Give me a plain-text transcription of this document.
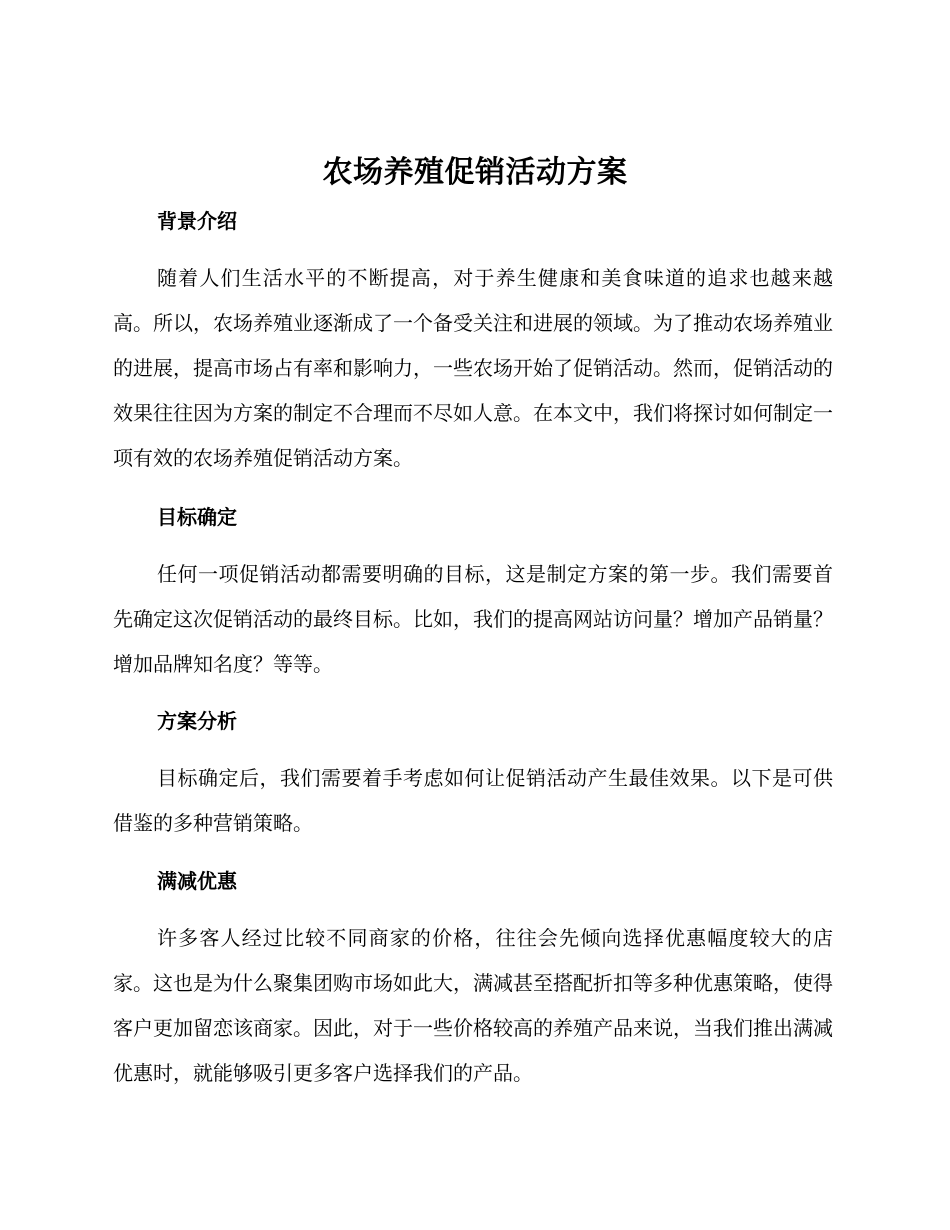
农场养殖促销活动方案
背景介绍

随着人们生活水平的不断提高，对于养生健康和美食味道的追求也越来越高。所以，农场养殖业逐渐成了一个备受关注和进展的领域。为了推动农场养殖业的进展，提高市场占有率和影响力，一些农场开始了促销活动。然而，促销活动的效果往往因为方案的制定不合理而不尽如人意。在本文中，我们将探讨如何制定一项有效的农场养殖促销活动方案。

目标确定

任何一项促销活动都需要明确的目标，这是制定方案的第一步。我们需要首先确定这次促销活动的最终目标。比如，我们的提高网站访问量？增加产品销量？增加品牌知名度？等等。

方案分析

目标确定后，我们需要着手考虑如何让促销活动产生最佳效果。以下是可供借鉴的多种营销策略。

满减优惠

许多客人经过比较不同商家的价格，往往会先倾向选择优惠幅度较大的店家。这也是为什么聚集团购市场如此大，满减甚至搭配折扣等多种优惠策略，使得客户更加留恋该商家。因此，对于一些价格较高的养殖产品来说，当我们推出满减优惠时，就能够吸引更多客户选择我们的产品。
